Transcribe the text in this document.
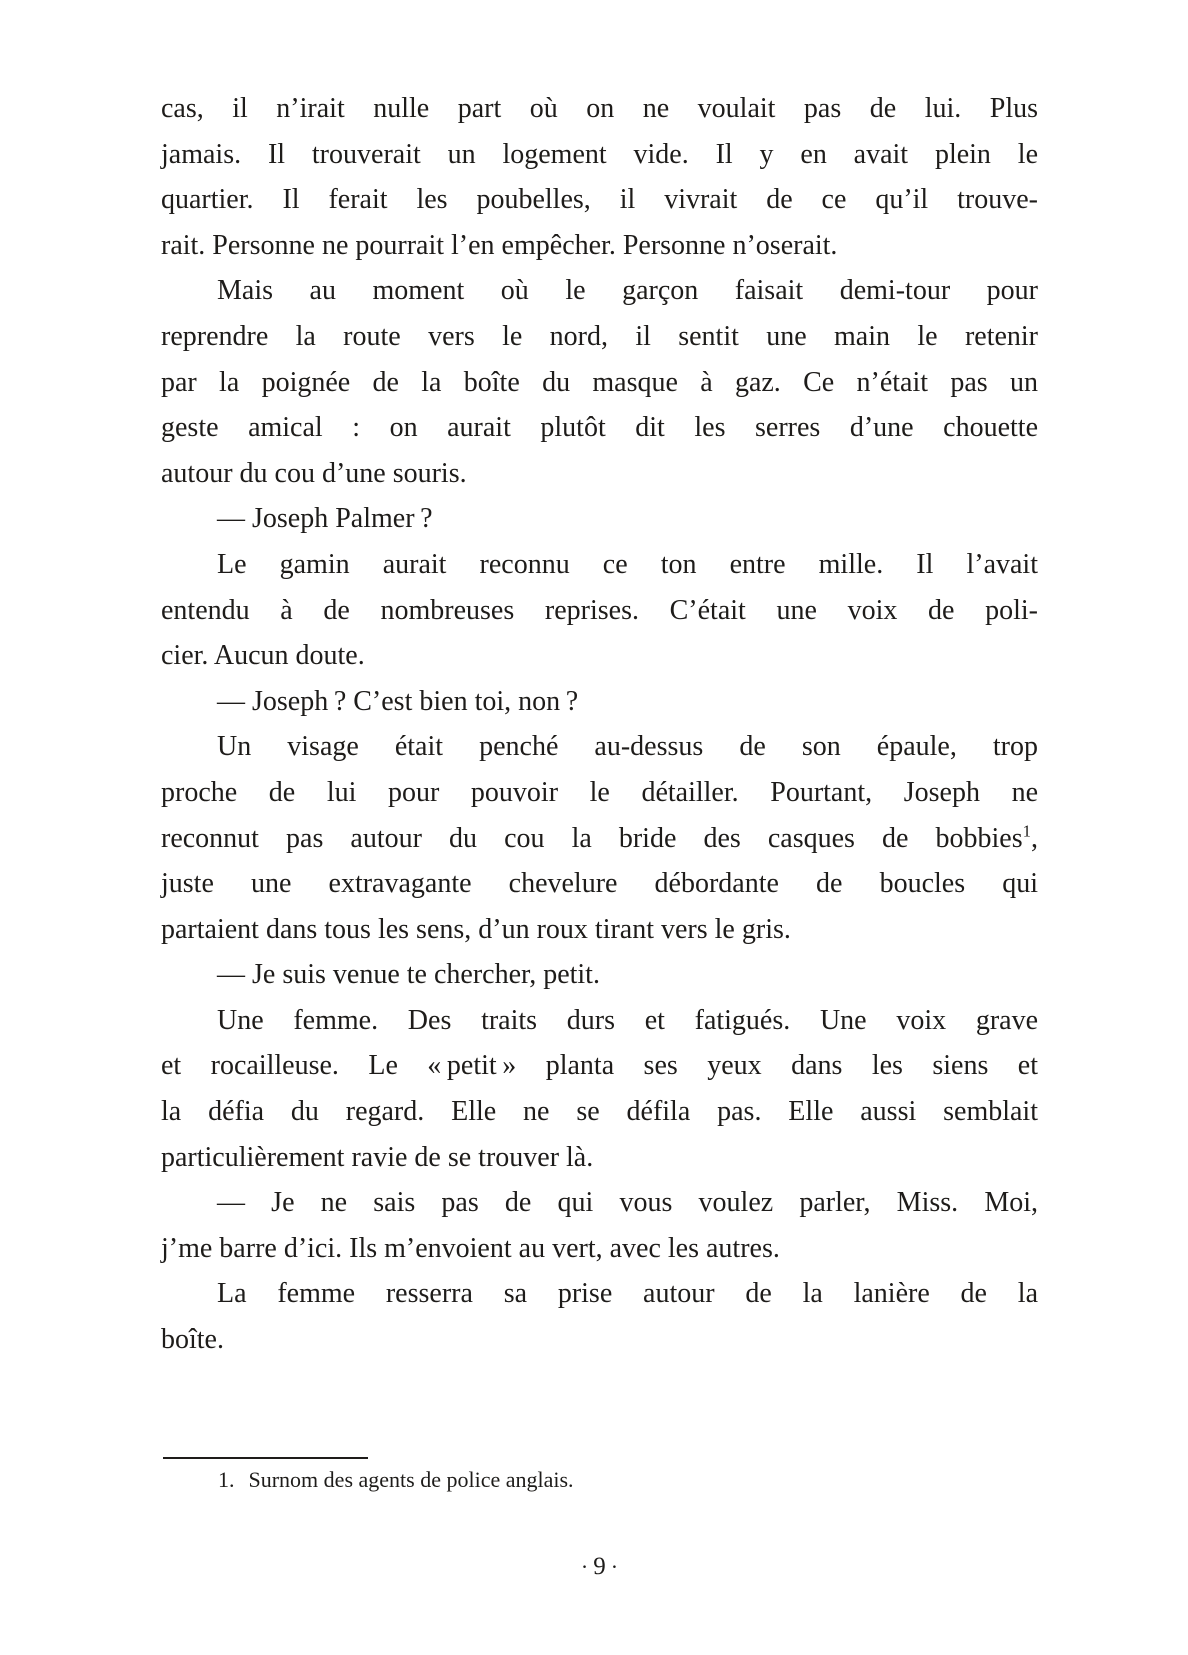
cas, il n’irait nulle part où on ne voulait pas de lui. Plus
jamais. Il trouverait un logement vide. Il y en avait plein le
quartier. Il ferait les poubelles, il vivrait de ce qu’il trouve-
rait. Personne ne pourrait l’en empêcher. Personne n’oserait.
Mais au moment où le garçon faisait demi-tour pour
reprendre la route vers le nord, il sentit une main le retenir
par la poignée de la boîte du masque à gaz. Ce n’était pas un
geste amical : on aurait plutôt dit les serres d’une chouette
autour du cou d’une souris.
— Joseph Palmer ?
Le gamin aurait reconnu ce ton entre mille. Il l’avait
entendu à de nombreuses reprises. C’était une voix de poli-
cier. Aucun doute.
— Joseph ? C’est bien toi, non ?
Un visage était penché au-dessus de son épaule, trop
proche de lui pour pouvoir le détailler. Pourtant, Joseph ne
reconnut pas autour du cou la bride des casques de bobbies$^1$,
juste une extravagante chevelure débordante de boucles qui
partaient dans tous les sens, d’un roux tirant vers le gris.
— Je suis venue te chercher, petit.
Une femme. Des traits durs et fatigués. Une voix grave
et rocailleuse. Le « petit » planta ses yeux dans les siens et
la défia du regard. Elle ne se défila pas. Elle aussi semblait
particulièrement ravie de se trouver là.
— Je ne sais pas de qui vous voulez parler, Miss. Moi,
j’me barre d’ici. Ils m’envoient au vert, avec les autres.
La femme resserra sa prise autour de la lanière de la
boîte.

1. Surnom des agents de police anglais.

· 9 ·
